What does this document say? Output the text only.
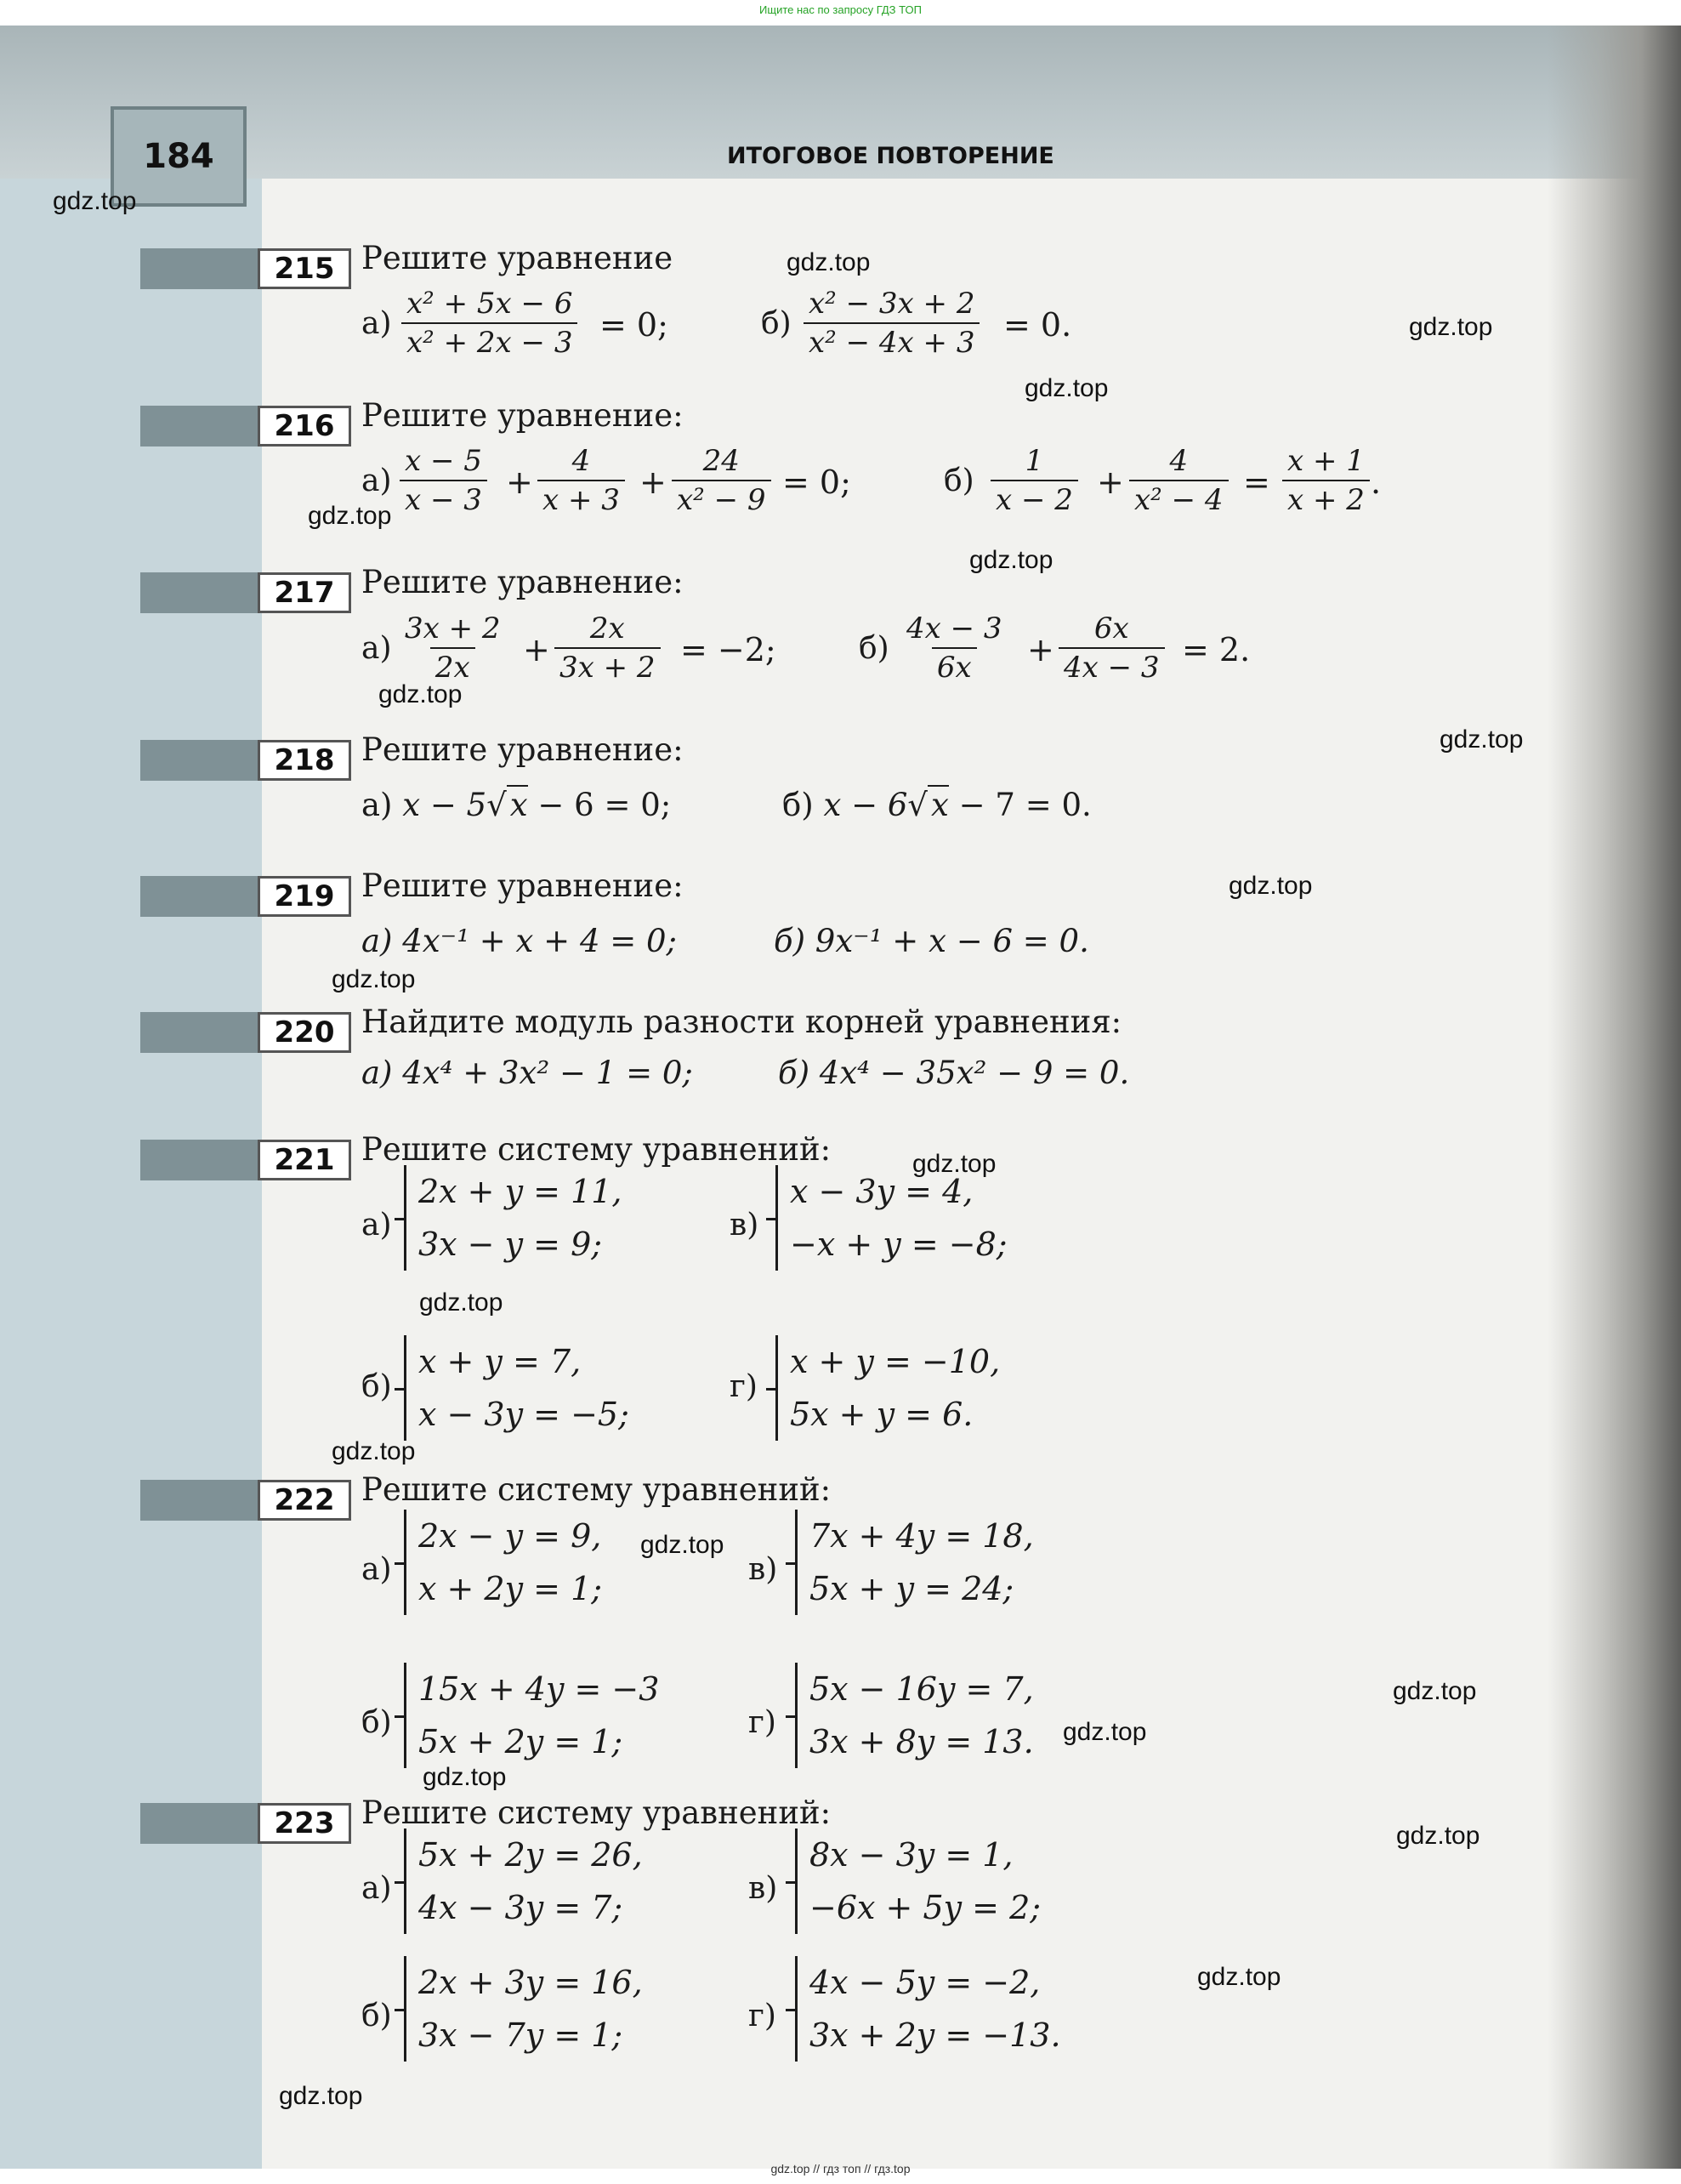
Ищите нас по запросу ГДЗ ТОП
184	ИТОГОВОЕ ПОВТОРЕНИЕ
215 Решите уравнение
$а) \frac{\text{x² + 5x − 6}}{\text{x² + 2x − 3}} = 0$;	$б) \frac{\text{x² − 3x + 2}}{\text{x² − 4x + 3}} = 0$.
216 Решите уравнение:
$а) \frac{x - 5}{x - 3} + \frac{4}{x + 3} + \frac{24}{\text{x² − 9}} = 0$;	$б) \frac{1}{x - 2} + \frac{4}{\text{x² − 4}} = \frac{x + 1}{x + 2}$ .
217 Решите уравнение:
$а) \frac{3x + 2}{2x} + \frac{2x}{3x + 2} = -2$;	$б) \frac{4x - 3}{6x} + \frac{6x}{4x - 3} = 2$.
218 Решите уравнение:
а) x − 5√ x − 6 = 0;	б) x − 6√ x − 7 = 0.
219 Решите уравнение:
а) 4x⁻¹ + x + 4 = 0;	б) 9x⁻¹ + x − 6 = 0.
220 Найдите модуль разности корней уравнения:
а) 4x⁴ + 3x² − 1 = 0;	б) 4x⁴ − 35x² − 9 = 0.
221 Решите систему уравнений:
а)
2x + y = 11,
3x − y = 9;
в)
x − 3y = 4,
−x + y = −8;
б)
x + y = 7,
x − 3y = −5;
г)
x + y = −10,
5x + y = 6.
222 Решите систему уравнений:
а)
2x − y = 9,
x + 2y = 1;
в)
7x + 4y = 18,
5x + y = 24;
б)
15x + 4y = −3
5x + 2y = 1;
г)
5x − 16y = 7,
3x + 8y = 13.
223 Решите систему уравнений:
а)
5x + 2y = 26,
4x − 3y = 7;
в)
8x − 3y = 1,
−6x + 5y = 2;
б)
2x + 3y = 16,
3x − 7y = 1;
г)
4x − 5y = −2,
3x + 2y = −13.
gdz.top
gdz.top
gdz.top
gdz.top
gdz.top
gdz.top
gdz.top
gdz.top
gdz.top
gdz.top
gdz.top
gdz.top
gdz.top
gdz.top
gdz.top
gdz.top
gdz.top
gdz.top
gdz.top
gdz.top
gdz.top // гдз топ // гдз.top
